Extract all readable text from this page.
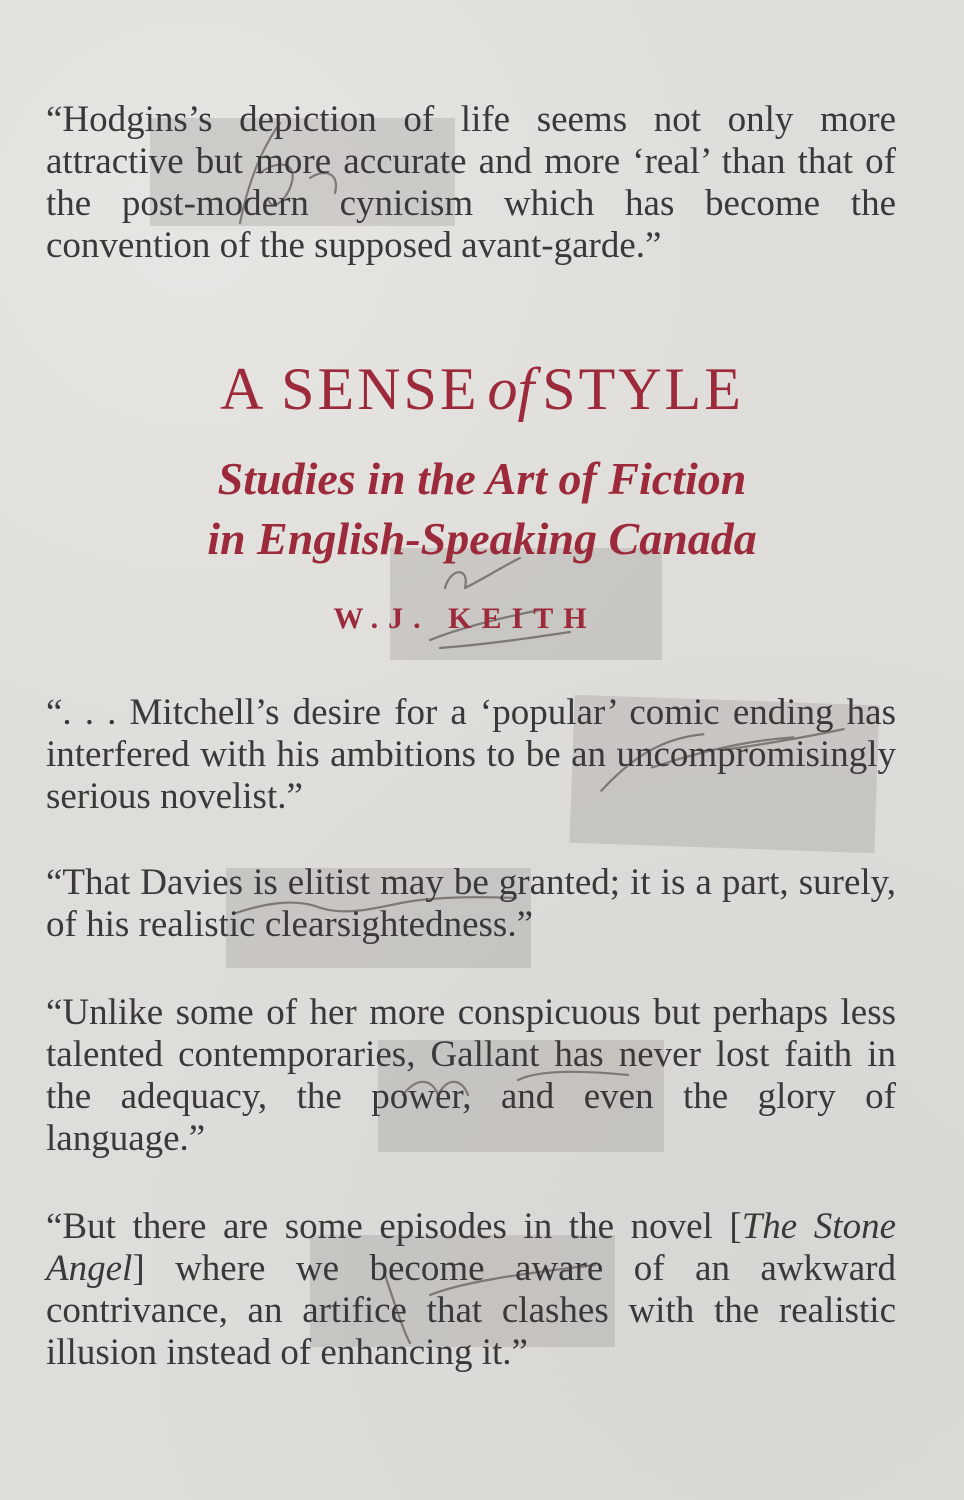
“Hodgins’s depiction of life seems not only more attractive but more accurate and more ‘real’ than that of the post-modern cynicism which has become the convention of the supposed avant-garde.”

A SENSE of STYLE
Studies in the Art of Fiction
in English-Speaking Canada
W.J. KEITH

“. . . Mitchell’s desire for a ‘popular’ comic ending has interfered with his ambitions to be an uncompromisingly serious novelist.”

“That Davies is elitist may be granted; it is a part, surely, of his realistic clearsightedness.”

“Unlike some of her more conspicuous but perhaps less talented contemporaries, Gallant has never lost faith in the adequacy, the power, and even the glory of language.”

“But there are some episodes in the novel [The Stone Angel] where we become aware of an awkward contrivance, an artifice that clashes with the realistic illusion instead of enhancing it.”
